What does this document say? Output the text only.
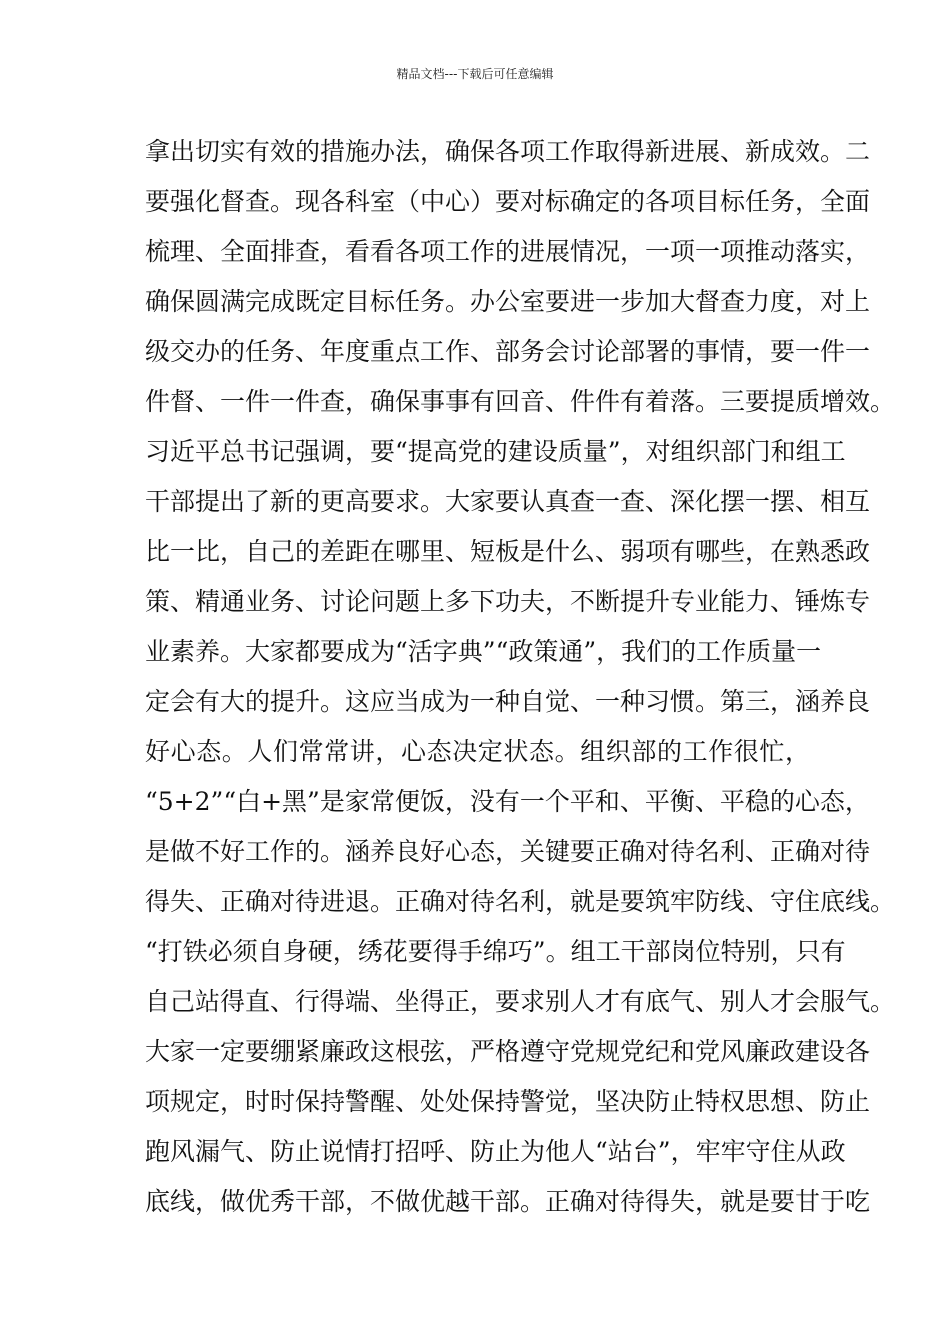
精品文档---下载后可任意编辑
拿出切实有效的措施办法，确保各项工作取得新进展、新成效。二
要强化督查。现各科室（中心）要对标确定的各项目标任务，全面
梳理、全面排查，看看各项工作的进展情况，一项一项推动落实，
确保圆满完成既定目标任务。办公室要进一步加大督查力度，对上
级交办的任务、年度重点工作、部务会讨论部署的事情，要一件一
件督、一件一件查，确保事事有回音、件件有着落。三要提质增效。
习近平总书记强调，要“提高党的建设质量”，对组织部门和组工
干部提出了新的更高要求。大家要认真查一查、深化摆一摆、相互
比一比，自己的差距在哪里、短板是什么、弱项有哪些，在熟悉政
策、精通业务、讨论问题上多下功夫，不断提升专业能力、锤炼专
业素养。大家都要成为“活字典”“政策通”，我们的工作质量一
定会有大的提升。这应当成为一种自觉、一种习惯。第三，涵养良
好心态。人们常常讲，心态决定状态。组织部的工作很忙，
“5+2”“白+黑”是家常便饭，没有一个平和、平衡、平稳的心态，
是做不好工作的。涵养良好心态，关键要正确对待名利、正确对待
得失、正确对待进退。正确对待名利，就是要筑牢防线、守住底线。
“打铁必须自身硬，绣花要得手绵巧”。组工干部岗位特别，只有
自己站得直、行得端、坐得正，要求别人才有底气、别人才会服气。
大家一定要绷紧廉政这根弦，严格遵守党规党纪和党风廉政建设各
项规定，时时保持警醒、处处保持警觉，坚决防止特权思想、防止
跑风漏气、防止说情打招呼、防止为他人“站台”，牢牢守住从政
底线，做优秀干部，不做优越干部。正确对待得失，就是要甘于吃
